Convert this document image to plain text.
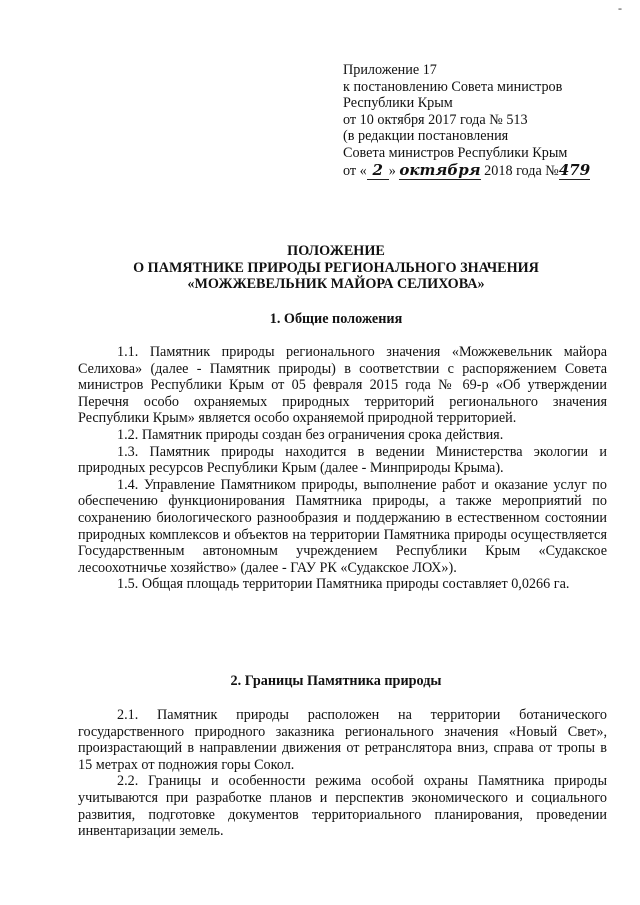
-
Приложение 17
к постановлению Совета министров
Республики Крым
от 10 октября 2017 года № 513
(в редакции постановления
Совета министров Республики Крым
от « 2 » октября 2018 года №479
ПОЛОЖЕНИЕ
О ПАМЯТНИКЕ ПРИРОДЫ РЕГИОНАЛЬНОГО ЗНАЧЕНИЯ
«МОЖЖЕВЕЛЬНИК МАЙОРА СЕЛИХОВА»
1. Общие положения

1.1. Памятник природы регионального значения «Можжевельник майора Селихова» (далее - Памятник природы) в соответствии с распоряжением Совета министров Республики Крым от 05 февраля 2015 года № 69-р «Об утверждении Перечня особо охраняемых природных территорий регионального значения Республики Крым» является особо охраняемой природной территорией.

1.2. Памятник природы создан без ограничения срока действия.

1.3. Памятник природы находится в ведении Министерства экологии и природных ресурсов Республики Крым (далее - Минприроды Крыма).

1.4. Управление Памятником природы, выполнение работ и оказание услуг по обеспечению функционирования Памятника природы, а также мероприятий по сохранению биологического разнообразия и поддержанию в естественном состоянии природных комплексов и объектов на территории Памятника природы осуществляется Государственным автономным учреждением Республики Крым «Судакское лесоохотничье хозяйство» (далее - ГАУ РК «Судакское ЛОХ»).

1.5. Общая площадь территории Памятника природы составляет 0,0266 га.

2. Границы Памятника природы

2.1. Памятник природы расположен на территории ботанического государственного природного заказника регионального значения «Новый Свет», произрастающий в направлении движения от ретранслятора вниз, справа от тропы в 15 метрах от подножия горы Сокол.

2.2. Границы и особенности режима особой охраны Памятника природы учитываются при разработке планов и перспектив экономического и социального развития, подготовке документов территориального планирования, проведении инвентаризации земель.
